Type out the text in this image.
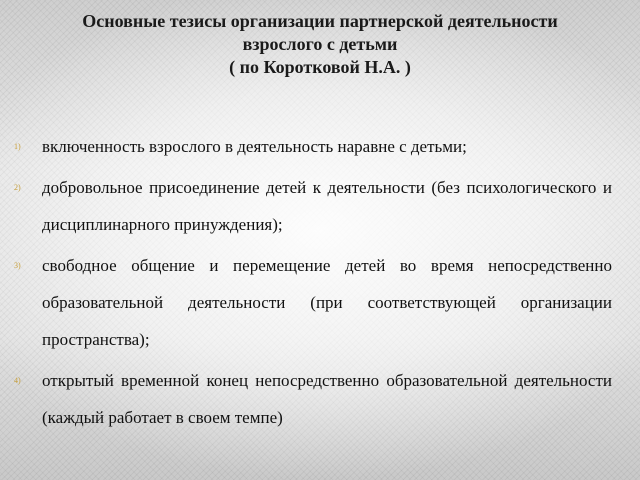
Основные тезисы организации партнерской деятельности
взрослого с детьми
( по Коротковой Н.А. )
1)	включенность взрослого в деятельность наравне с детьми;
2)	добровольное присоединение детей к деятельности (без психологического и дисциплинарного принуждения);
3)	свободное общение и перемещение детей во время непосредственно образовательной деятельности (при соответствующей организации пространства);
4)	открытый временной конец непосредственно образовательной деятельности (каждый работает в своем темпе)
